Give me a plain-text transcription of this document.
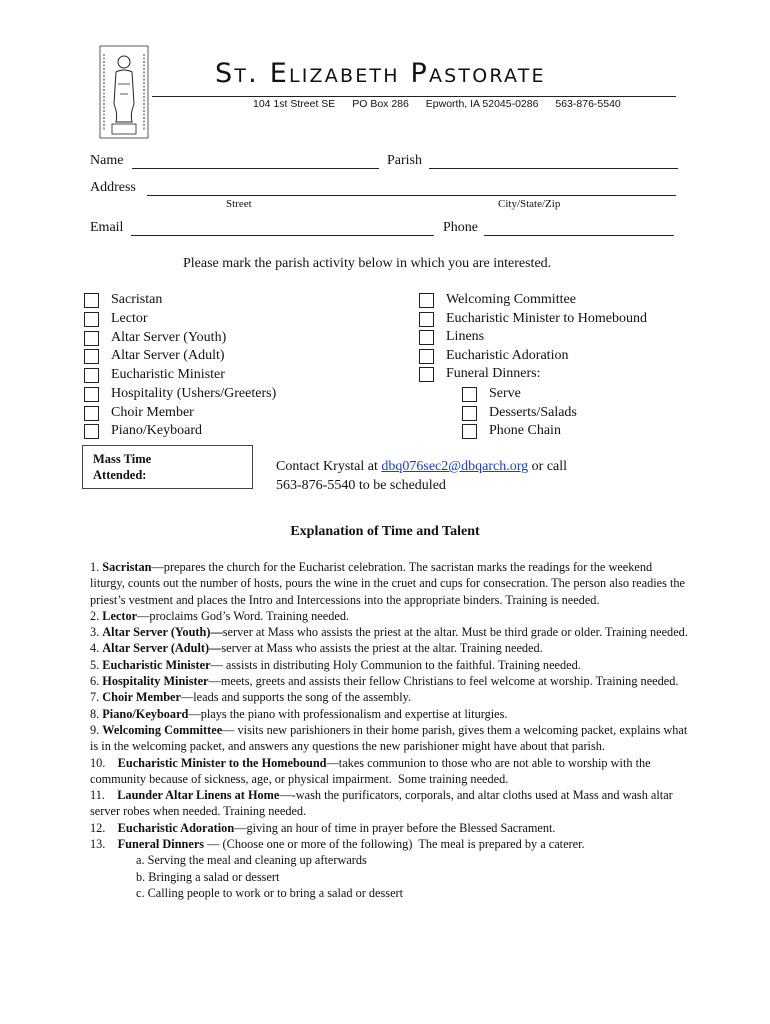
St. Elizabeth Pastorate
104 1st Street SE PO Box 286 Epworth, IA 52045-0286 563-876-5540
Name	Parish
Address
Street	City/State/Zip
Email	Phone
Please mark the parish activity below in which you are interested.
Sacristan
Lector
Altar Server (Youth)
Altar Server (Adult)
Eucharistic Minister
Hospitality (Ushers/Greeters)
Choir Member
Piano/Keyboard
Welcoming Committee
Eucharistic Minister to Homebound
Linens
Eucharistic Adoration
Funeral Dinners:
Serve
Desserts/Salads
Phone Chain
Mass Time
Attended:
Contact Krystal at dbq076sec2@dbqarch.org or call
563-876-5540 to be scheduled
Explanation of Time and Talent

1. Sacristan—prepares the church for the Eucharist celebration. The sacristan marks the readings for the weekend liturgy, counts out the number of hosts, pours the wine in the cruet and cups for consecration. The person also readies the priest’s vestment and places the Intro and Intercessions into the appropriate binders. Training is needed.

2. Lector—proclaims God’s Word. Training needed.

3. Altar Server (Youth)—server at Mass who assists the priest at the altar. Must be third grade or older. Training needed.

4. Altar Server (Adult)—server at Mass who assists the priest at the altar. Training needed.

5. Eucharistic Minister— assists in distributing Holy Communion to the faithful. Training needed.

6. Hospitality Minister—meets, greets and assists their fellow Christians to feel welcome at worship. Training needed.

7. Choir Member—leads and supports the song of the assembly.

8. Piano/Keyboard—plays the piano with professionalism and expertise at liturgies.

9. Welcoming Committee— visits new parishioners in their home parish, gives them a welcoming packet, explains what is in the welcoming packet, and answers any questions the new parishioner might have about that parish.

10.    Eucharistic Minister to the Homebound—takes communion to those who are not able to worship with the community because of sickness, age, or physical impairment.  Some training needed.

11.    Launder Altar Linens at Home—-wash the purificators, corporals, and altar cloths used at Mass and wash altar server robes when needed. Training needed.

12.    Eucharistic Adoration—giving an hour of time in prayer before the Blessed Sacrament.

13.    Funeral Dinners — (Choose one or more of the following)  The meal is prepared by a caterer.

a. Serving the meal and cleaning up afterwards

b. Bringing a salad or dessert

c. Calling people to work or to bring a salad or dessert
